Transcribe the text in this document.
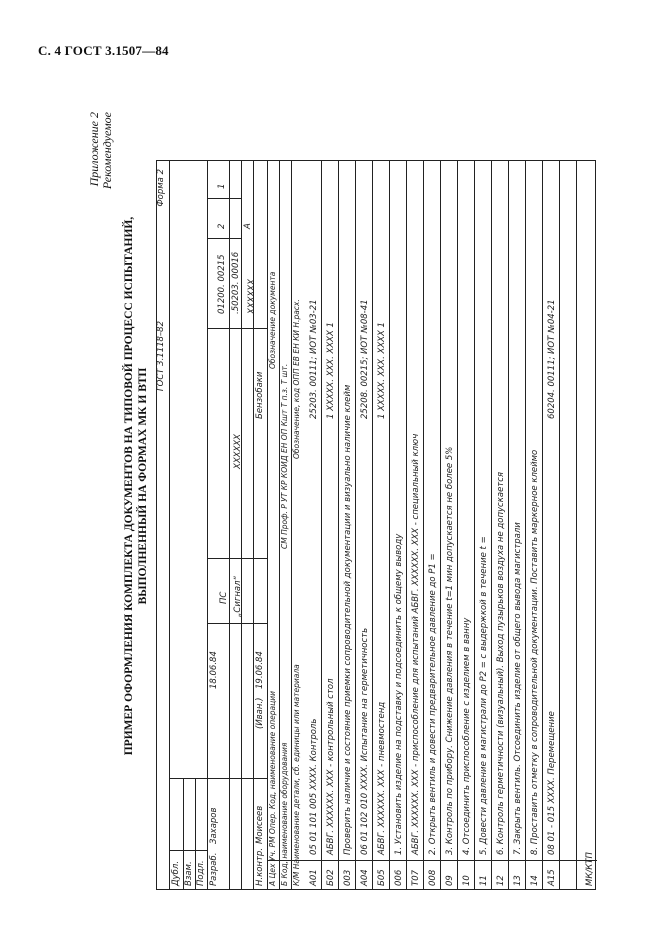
С. 4 ГОСТ 3.1507—84
Приложение 2 Рекомендуемое
ПРИМЕР ОФОРМЛЕНИЯ КОМПЛЕКТА ДОКУМЕНТОВ НА ТИПОВОЙ ПРОЦЕСС ИСПЫТАНИЙ, ВЫПОЛНЕННЫЙ НА ФОРМАХ МК И ВТП
ГОСТ 3.1118–82
Форма 2
Дубл. Взам. Подл.
2
1
01200. 00215 .50203. 00016
А
Разраб.
Захаров
18.06.84
Н.контр.
Моисеев
(Иван.)
19.06.84
ПС „Сигнал“
XXXXXX
XXXXXX
Бензобаки
А Цех Уч. РМ Опер. Код, наименование операции
Обозначение документа
Б Код, наименование оборудования
СМ Проф. Р УТ КР КОИД ЕН ОП Кшт Т п.з. Т шт.
К/М Наименование детали, сб. единицы или материала
Обозначение, код ОПП ЕВ ЕН КИ Н.расх.
А01
05 01 101 005 XXXX. Контроль
25203. 00111; ИОТ №03-21
Б02
АБВГ. XXXXXX. XXX - контрольный стол
1 XXXXX. XXX. XXXX 1
003
Проверить наличие и состояние приемки сопроводительной документации и визуально наличие клейм
А04
06 01 102 010 XXXX. Испытание на герметичность
25208. 00215; ИОТ №08-41
Б05
АБВГ. XXXXXX. XXX - пневмостенд
1 XXXXX. XXX. XXXX 1
006
1. Установить изделие на подставку и подсоединить к общему выводу
Т07
АБВГ. XXXXXX. XXX - приспособление для испытаний АБВГ. XXXXXX. XXX - специальный ключ
008
2. Открыть вентиль и довести предварительное давление до P1 =
09
3. Контроль по прибору. Снижение давления в течение t=1 мин допускается не более 5%
10
4. Отсоединить приспособление с изделием в ванну
11
5. Довести давление в магистрали до P2 = с выдержкой в течение t =
12
6. Контроль герметичности (визуальный). Выход пузырьков воздуха не допускается
13
7. Закрыть вентиль. Отсоединить изделие от общего вывода магистрали
14
8. Проставить отметку в сопроводительной документации. Поставить маркерное клеймо
А15
08 01 - 015 XXXX. Перемещение
60204. 00111; ИОТ №04-21
МК/КТП
